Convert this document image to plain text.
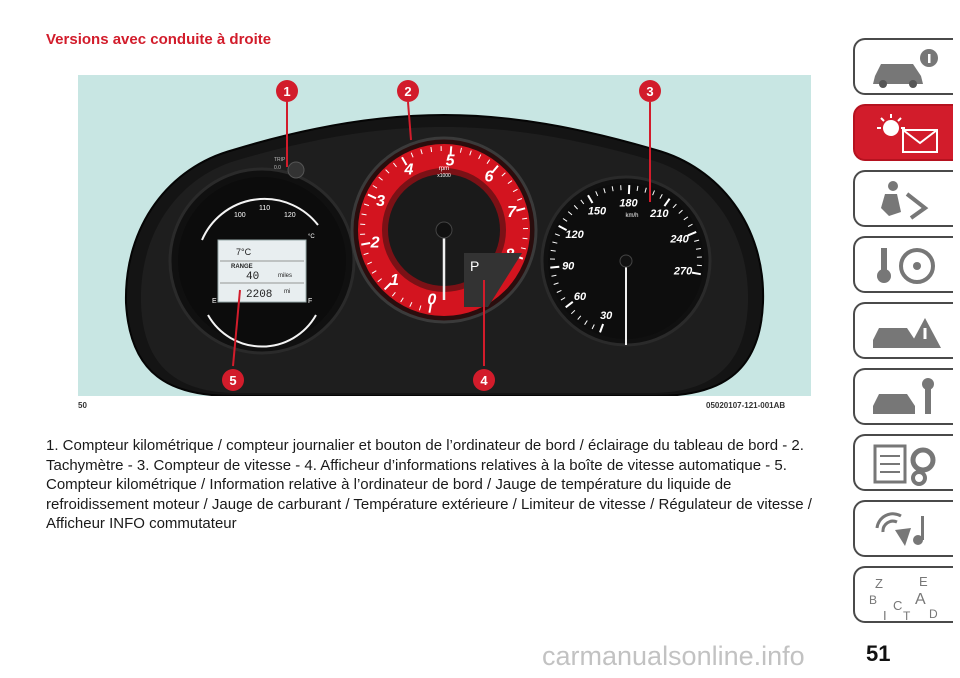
Versions avec conduite à droite
100
110
120
°C
7°C
RANGE
40	miles
2208 mi
E	F
TRIP
0.0
0
1
2
3
4
5
6
7
rpm
x1000
P
30
60
90
120
150
180
210
240
270
km/h
1	2	3
4
5
50	05020107-121-001AB

1. Compteur kilométrique / compteur journalier et bouton de l’ordinateur de bord / éclairage du tableau de bord - 2. Tachymètre - 3. Compteur de vitesse - 4. Afficheur d’informations relatives à la boîte de vitesse automatique - 5. Compteur kilométrique / Information relative à l’ordinateur de bord / Jauge de température du liquide de refroidissement moteur / Jauge de carburant / Température extérieure / Limiteur de vitesse / Régulateur de vitesse / Afficheur INFO commutateur

Z	E
B A
C
T D
I
carmanualsonline.info	51
